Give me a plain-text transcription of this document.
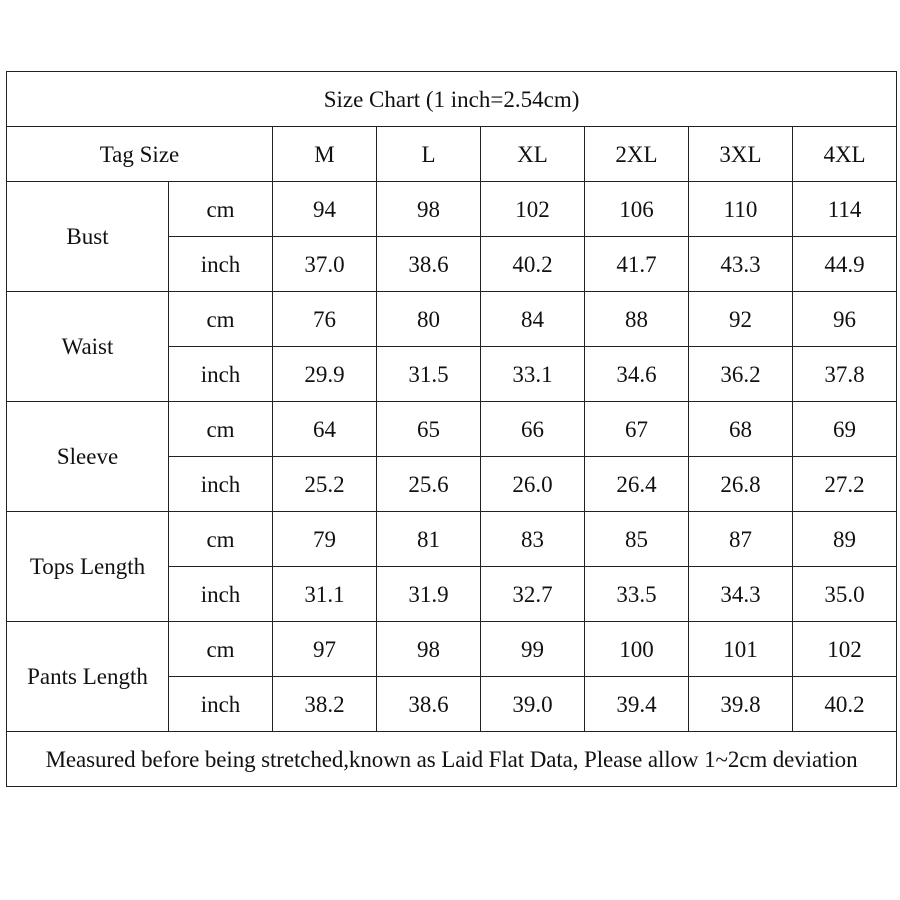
Size Chart (1 inch=2.54cm)							
Tag Size		M	L	XL	2XL	3XL	4XL
Bust	cm	94	98	102	106	110	114
	inch	37.0	38.6	40.2	41.7	43.3	44.9
Waist	cm	76	80	84	88	92	96
	inch	29.9	31.5	33.1	34.6	36.2	37.8
Sleeve	cm	64	65	66	67	68	69
	inch	25.2	25.6	26.0	26.4	26.8	27.2
Tops Length	cm	79	81	83	85	87	89
	inch	31.1	31.9	32.7	33.5	34.3	35.0
Pants Length	cm	97	98	99	100	101	102
	inch	38.2	38.6	39.0	39.4	39.8	40.2
Measured before being stretched,known as Laid Flat Data, Please allow 1~2cm deviation							
